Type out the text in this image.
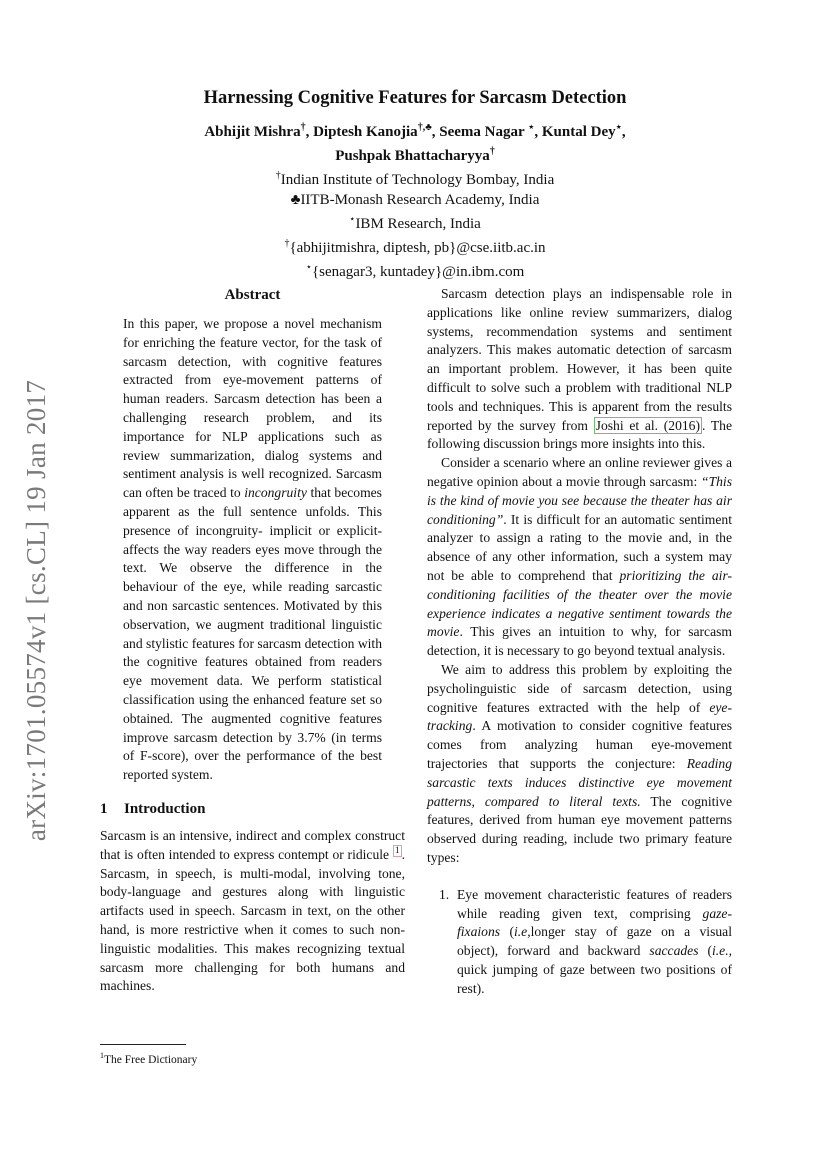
arXiv:1701.05574v1 [cs.CL] 19 Jan 2017
Harnessing Cognitive Features for Sarcasm Detection
Abhijit Mishra†, Diptesh Kanojia†,♣, Seema Nagar ⋆, Kuntal Dey⋆,
Pushpak Bhattacharyya†
†Indian Institute of Technology Bombay, India
♣IITB-Monash Research Academy, India
⋆IBM Research, India
†{abhijitmishra, diptesh, pb}@cse.iitb.ac.in
⋆{senagar3, kuntadey}@in.ibm.com
Abstract

In this paper, we propose a novel mechanism for enriching the feature vector, for the task of sarcasm detection, with cognitive features extracted from eye-movement patterns of human readers. Sarcasm detection has been a challenging research problem, and its importance for NLP applications such as review summarization, dialog systems and sentiment analysis is well recognized. Sarcasm can often be traced to incongruity that becomes apparent as the full sentence unfolds. This presence of incongruity- implicit or explicit- affects the way readers eyes move through the text. We observe the difference in the behaviour of the eye, while reading sarcastic and non sarcastic sentences. Motivated by this observation, we augment traditional linguistic and stylistic features for sarcasm detection with the cognitive features obtained from readers eye movement data. We perform statistical classification using the enhanced feature set so obtained. The augmented cognitive features improve sarcasm detection by 3.7% (in terms of F-score), over the performance of the best reported system.

1 Introduction

Sarcasm is an intensive, indirect and complex construct that is often intended to express contempt or ridicule $^1$ . Sarcasm, in speech, is multi-modal, involving tone, body-language and gestures along with linguistic artifacts used in speech. Sarcasm in text, on the other hand, is more restrictive when it comes to such non-linguistic modalities. This makes recognizing textual sarcasm more challenging for both humans and machines.

$^1$The Free Dictionary

Sarcasm detection plays an indispensable role in applications like online review summarizers, dialog systems, recommendation systems and sentiment analyzers. This makes automatic detection of sarcasm an important problem. However, it has been quite difficult to solve such a problem with traditional NLP tools and techniques. This is apparent from the results reported by the survey from Joshi et al. (2016) . The following discussion brings more insights into this.

Consider a scenario where an online reviewer gives a negative opinion about a movie through sarcasm: “This is the kind of movie you see because the theater has air conditioning”. It is difficult for an automatic sentiment analyzer to assign a rating to the movie and, in the absence of any other information, such a system may not be able to comprehend that prioritizing the air-conditioning facilities of the theater over the movie experience indicates a negative sentiment towards the movie. This gives an intuition to why, for sarcasm detection, it is necessary to go beyond textual analysis.

We aim to address this problem by exploiting the psycholinguistic side of sarcasm detection, using cognitive features extracted with the help of eye-tracking. A motivation to consider cognitive features comes from analyzing human eye-movement trajectories that supports the conjecture: Reading sarcastic texts induces distinctive eye movement patterns, compared to literal texts. The cognitive features, derived from human eye movement patterns observed during reading, include two primary feature types:

1. Eye movement characteristic features of readers while reading given text, comprising gaze-fixaions (i.e,longer stay of gaze on a visual object), forward and backward saccades (i.e., quick jumping of gaze between two positions of rest).
